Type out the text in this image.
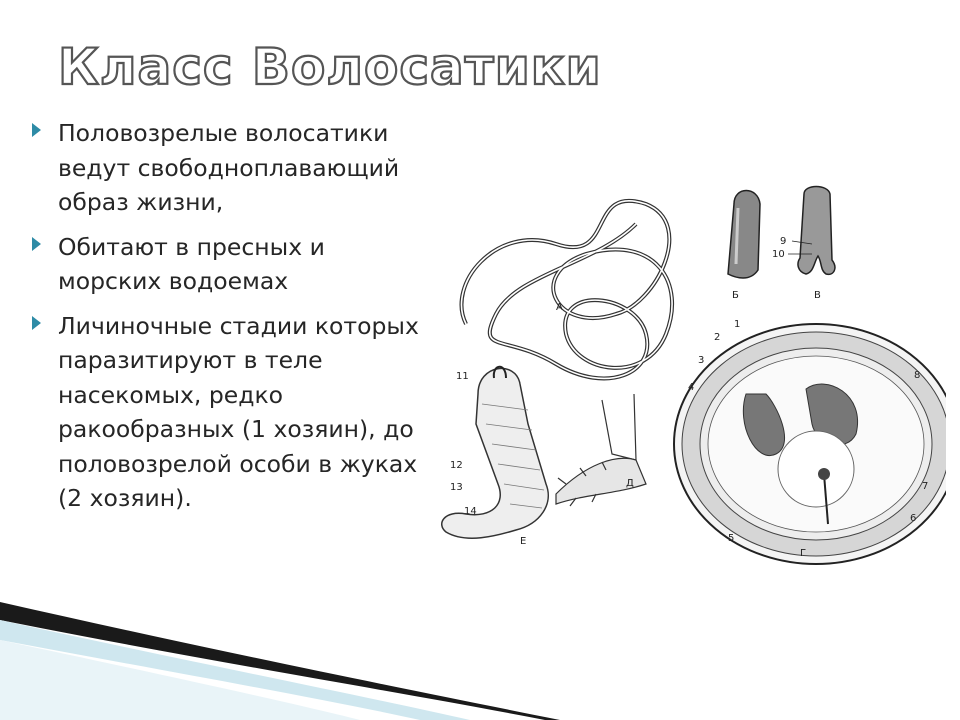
Класс Волосатики
Половозрелые волосатики ведут свободноплавающий образ жизни,
Обитают в пресных и морских водоемах
Личиночные стадии которых паразитируют в теле насекомых, редко ракообразных (1 хозяин), до половозрелой особи в жуках (2 хозяин).
А
Б
9
10
В
1
2
3
4
5
6
7
8
Г
Д
11
12
13
14
Е
